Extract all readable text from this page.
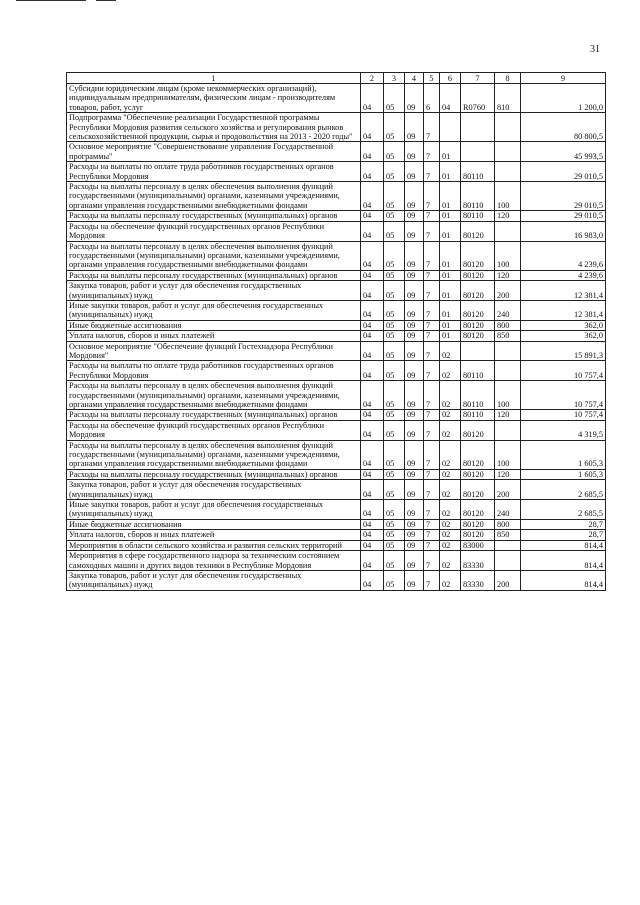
31
1	2	3	4	5	6	7	8	9
Субсидии юридическим лицам (кроме некоммерческих организаций), индивидуальным предпринимателям, физическим лицам - производителям товаров, работ, услуг	04	05	09	6	04	R0760	810	1 200,0
Подпрограмма "Обеспечение реализации Государственной программы Республики Мордовия развития сельского хозяйства и регулирования рынков сельскохозяйственной продукции, сырья и продовольствия на 2013 - 2020 годы"	04	05	09	7				80 800,5
Основное мероприятие "Совершенствование управления Государственной программы"	04	05	09	7	01			45 993,5
Расходы на выплаты по оплате труда работников государственных органов Республики Мордовия	04	05	09	7	01	80110		29 010,5
Расходы на выплаты персоналу в целях обеспечения выполнения функций государственными (муниципальными) органами, казенными учреждениями, органами управления государственными внебюджетными фондами	04	05	09	7	01	80110	100	29 010,5
Расходы на выплаты персоналу государственных (муниципальных) органов	04	05	09	7	01	80110	120	29 010,5
Расходы на обеспечение функций государственных органов Республики Мордовия	04	05	09	7	01	80120		16 983,0
Расходы на выплаты персоналу в целях обеспечения выполнения функций государственными (муниципальными) органами, казенными учреждениями, органами управления государственными внебюджетными фондами	04	05	09	7	01	80120	100	4 239,6
Расходы на выплаты персоналу государственных (муниципальных) органов	04	05	09	7	01	80120	120	4 239,6
Закупка товаров, работ и услуг для обеспечения государственных (муниципальных) нужд	04	05	09	7	01	80120	200	12 381,4
Иные закупки товаров, работ и услуг для обеспечения государственных (муниципальных) нужд	04	05	09	7	01	80120	240	12 381,4
Иные бюджетные ассигнования	04	05	09	7	01	80120	800	362,0
Уплата налогов, сборов и иных платежей	04	05	09	7	01	80120	850	362,0
Основное мероприятие "Обеспечение функций Гостехнадзора Республики Мордовия"	04	05	09	7	02			15 891,3
Расходы на выплаты по оплате труда работников государственных органов Республики Мордовия	04	05	09	7	02	80110		10 757,4
Расходы на выплаты персоналу в целях обеспечения выполнения функций государственными (муниципальными) органами, казенными учреждениями, органами управления государственными внебюджетными фондами	04	05	09	7	02	80110	100	10 757,4
Расходы на выплаты персоналу государственных (муниципальных) органов	04	05	09	7	02	80110	120	10 757,4
Расходы на обеспечение функций государственных органов Республики Мордовия	04	05	09	7	02	80120		4 319,5
Расходы на выплаты персоналу в целях обеспечения выполнения функций государственными (муниципальными) органами, казенными учреждениями, органами управления государственными внебюджетными фондами	04	05	09	7	02	80120	100	1 605,3
Расходы на выплаты персоналу государственных (муниципальных) органов	04	05	09	7	02	80120	120	1 605,3
Закупка товаров, работ и услуг для обеспечения государственных (муниципальных) нужд	04	05	09	7	02	80120	200	2 685,5
Иные закупки товаров, работ и услуг для обеспечения государственных (муниципальных) нужд	04	05	09	7	02	80120	240	2 685,5
Иные бюджетные ассигнования	04	05	09	7	02	80120	800	28,7
Уплата налогов, сборов и иных платежей	04	05	09	7	02	80120	850	28,7
Мероприятия в области сельского хозяйства и развития сельских территорий	04	05	09	7	02	83000		814,4
Мероприятия в сфере государственного надзора за техническим состоянием самоходных машин и других видов техники в Республике Мордовия	04	05	09	7	02	83330		814,4
Закупка товаров, работ и услуг для обеспечения государственных (муниципальных) нужд	04	05	09	7	02	83330	200	814,4
